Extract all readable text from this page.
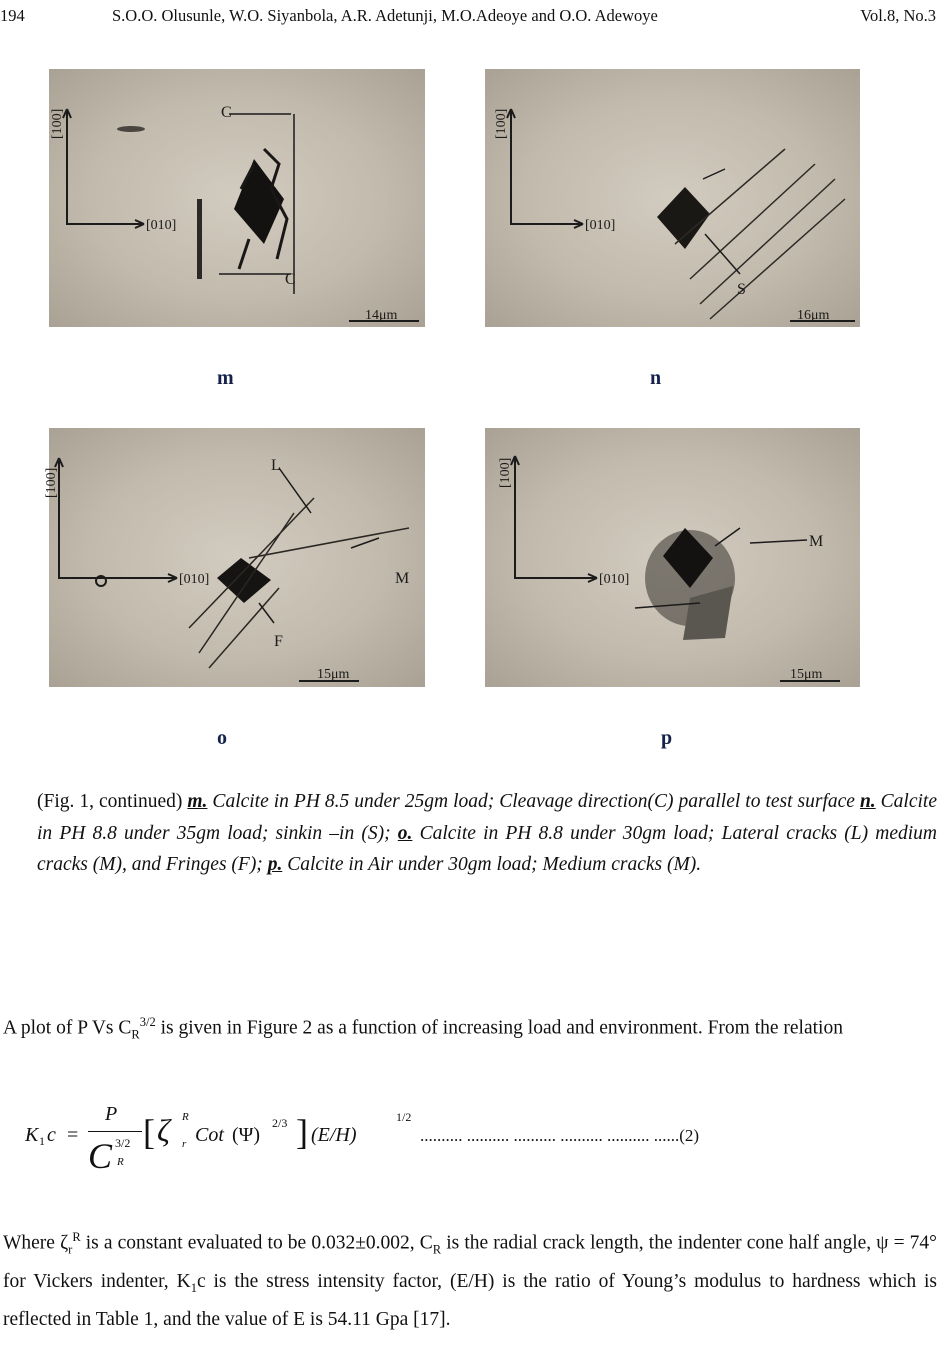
194	S.O.O. Olusunle, W.O. Siyanbola, A.R. Adetunji, M.O.Adeoye and O.O. Adewoye	Vol.8, No.3
[100]
[010]
C
C
14μm
[100]
[010]
S
16μm
m	n
[100]
[010]
L
M
F
15μm
[100]
[010]
M
15μm
o	p
(Fig. 1, continued) m. Calcite in PH 8.5 under 25gm load; Cleavage direction(C) parallel to test surface n. Calcite in PH 8.8 under 35gm load; sinkin –in (S); o. Calcite in PH 8.8 under 30gm load; Lateral cracks (L) medium cracks (M), and Fringes (F); p. Calcite in Air under 30gm load; Medium cracks (M).
A plot of P Vs $C_R^{3/2}$ is given in Figure 2 as a function of increasing load and environment. From the relation
K 1 c =
P
C 3/2
R
[ ζ R
r Cot (Ψ)
2/3 ] (E/H)
1/2
.......... .......... .......... .......... .......... ......(2)
Where $\zeta_r^R$ is a constant evaluated to be 0.032±0.002, $C_R$ is the radial crack length, the indenter cone half angle, ψ = 74° for Vickers indenter, $K_1c$ is the stress intensity factor, (E/H) is the ratio of Young’s modulus to hardness which is reflected in Table 1, and the value of E is 54.11 Gpa [17].
